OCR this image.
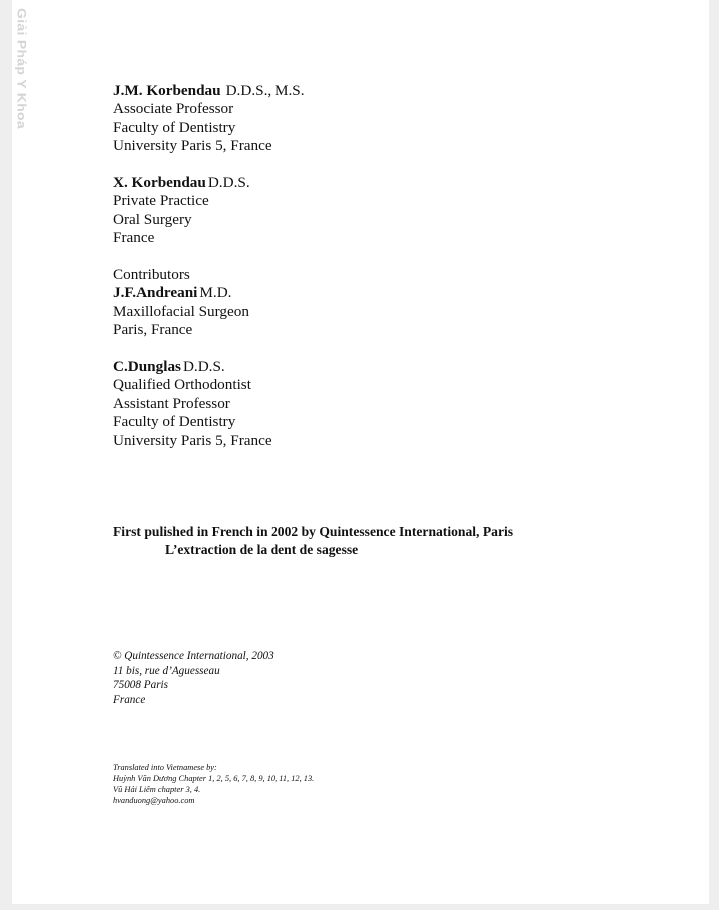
Giải Pháp Y Khoa	J.M. Korbendau D.D.S., M.S.
Associate Professor
Faculty of Dentistry
University Paris 5, France
X. Korbendau D.D.S.
Private Practice
Oral Surgery
France
Contributors
J.F.Andreani M.D.
Maxillofacial Surgeon
Paris, France
C.Dunglas D.D.S.
Qualified Orthodontist
Assistant Professor
Faculty of Dentistry
University Paris 5, France
First pulished in French in 2002 by Quintessence International, Paris
L’extraction de la dent de sagesse
© Quintessence International, 2003
11 bis, rue d’Aguesseau
75008 Paris
France
Translated into Vietnamese by:
Huỳnh Văn Dương Chapter 1, 2, 5, 6, 7, 8, 9, 10, 11, 12, 13.
Vũ Hải Liêm chapter 3, 4.
hvanduong@yahoo.com
